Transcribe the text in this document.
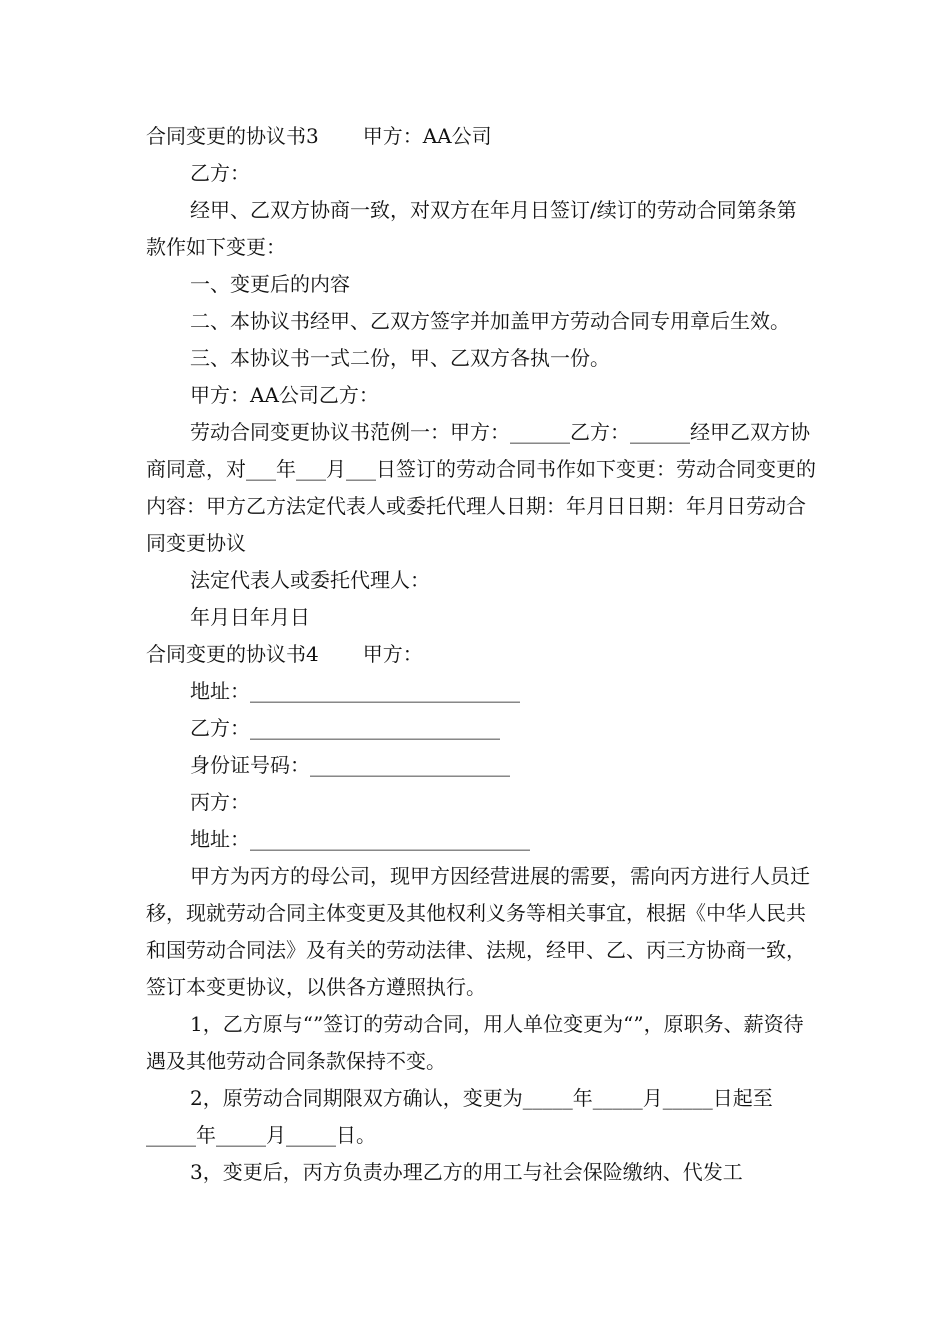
合同变更的协议书3 甲方：AA公司

乙方：

经甲、乙双方协商一致，对双方在年月日签订/续订的劳动合同第条第款作如下变更：

一、变更后的内容

二、本协议书经甲、乙双方签字并加盖甲方劳动合同专用章后生效。

三、本协议书一式二份，甲、乙双方各执一份。

甲方：AA公司乙方：

劳动合同变更协议书范例一：甲方：______乙方：______经甲乙双方协商同意，对___年___月___日签订的劳动合同书作如下变更：劳动合同变更的内容：甲方乙方法定代表人或委托代理人日期：年月日日期：年月日劳动合同变更协议

法定代表人或委托代理人：

年月日年月日

合同变更的协议书4 甲方：

地址：___________________________

乙方：_________________________

身份证号码：____________________

丙方：

地址：____________________________

甲方为丙方的母公司，现甲方因经营进展的需要，需向丙方进行人员迁移，现就劳动合同主体变更及其他权利义务等相关事宜，根据《中华人民共和国劳动合同法》及有关的劳动法律、法规，经甲、乙、丙三方协商一致，签订本变更协议，以供各方遵照执行。

1，乙方原与“”签订的劳动合同，用人单位变更为“”，原职务、薪资待遇及其他劳动合同条款保持不变。

2，原劳动合同期限双方确认，变更为_____年_____月_____日起至_____年_____月_____日。

3，变更后，丙方负责办理乙方的用工与社会保险缴纳、代发工
